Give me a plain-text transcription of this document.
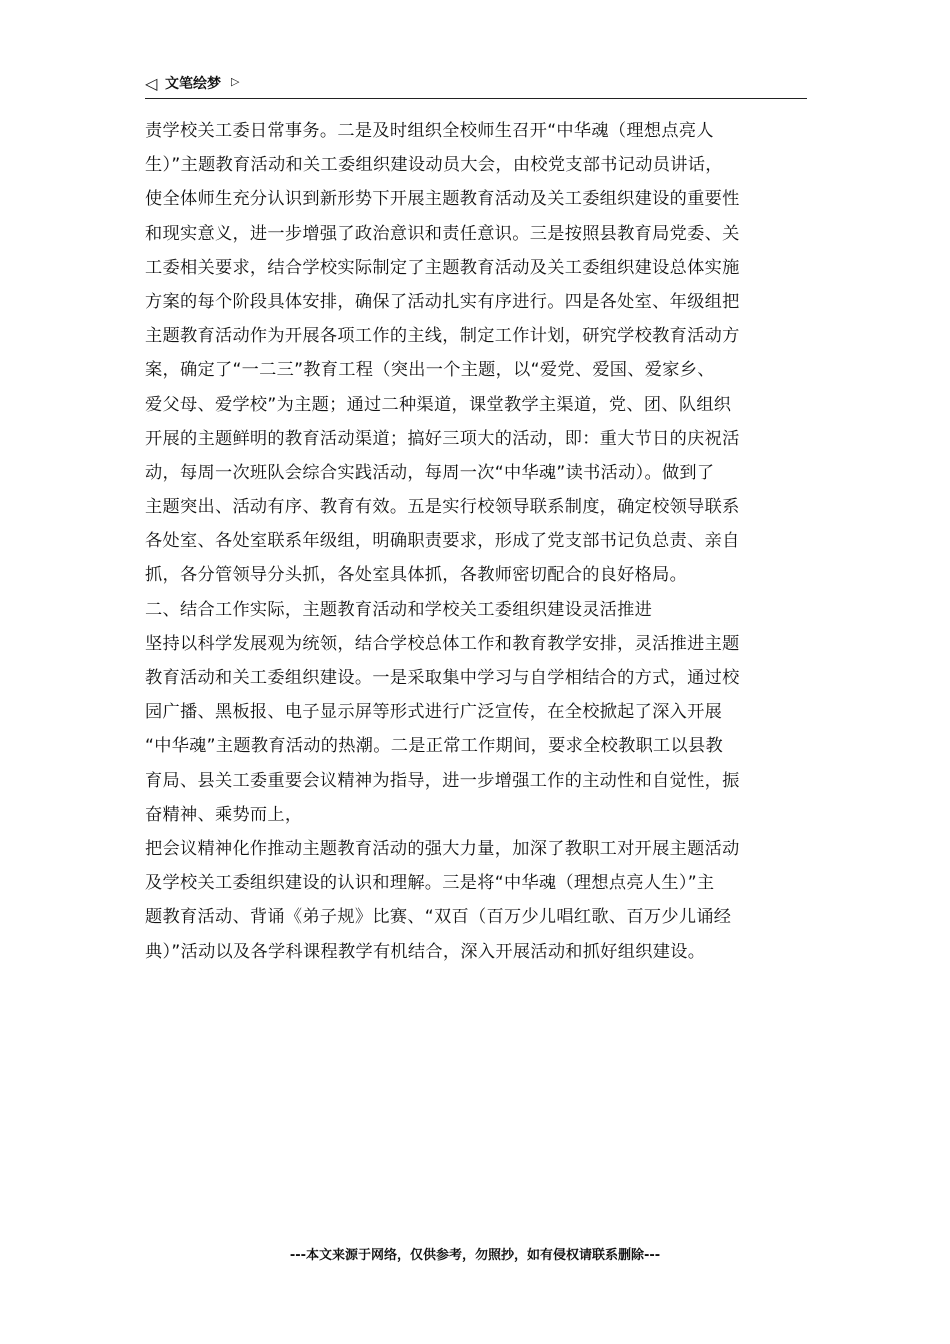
◁ 文笔绘梦 ▷
责学校关工委日常事务。二是及时组织全校师生召开“中华魂（理想点亮人
生）”主题教育活动和关工委组织建设动员大会，由校党支部书记动员讲话，
使全体师生充分认识到新形势下开展主题教育活动及关工委组织建设的重要性
和现实意义，进一步增强了政治意识和责任意识。三是按照县教育局党委、关
工委相关要求，结合学校实际制定了主题教育活动及关工委组织建设总体实施
方案的每个阶段具体安排，确保了活动扎实有序进行。四是各处室、年级组把
主题教育活动作为开展各项工作的主线，制定工作计划，研究学校教育活动方
案，确定了“一二三”教育工程（突出一个主题，以“爱党、爱国、爱家乡、
爱父母、爱学校”为主题；通过二种渠道，课堂教学主渠道，党、团、队组织
开展的主题鲜明的教育活动渠道；搞好三项大的活动，即：重大节日的庆祝活
动，每周一次班队会综合实践活动，每周一次“中华魂”读书活动）。做到了
主题突出、活动有序、教育有效。五是实行校领导联系制度，确定校领导联系
各处室、各处室联系年级组，明确职责要求，形成了党支部书记负总责、亲自
抓，各分管领导分头抓，各处室具体抓，各教师密切配合的良好格局。
二、结合工作实际，主题教育活动和学校关工委组织建设灵活推进
坚持以科学发展观为统领，结合学校总体工作和教育教学安排，灵活推进主题
教育活动和关工委组织建设。一是采取集中学习与自学相结合的方式，通过校
园广播、黑板报、电子显示屏等形式进行广泛宣传，在全校掀起了深入开展
“中华魂”主题教育活动的热潮。二是正常工作期间，要求全校教职工以县教
育局、县关工委重要会议精神为指导，进一步增强工作的主动性和自觉性，振
奋精神、乘势而上，
把会议精神化作推动主题教育活动的强大力量，加深了教职工对开展主题活动
及学校关工委组织建设的认识和理解。三是将“中华魂（理想点亮人生）”主
题教育活动、背诵《弟子规》比赛、“双百（百万少儿唱红歌、百万少儿诵经
典）”活动以及各学科课程教学有机结合，深入开展活动和抓好组织建设。
---本文来源于网络，仅供参考，勿照抄，如有侵权请联系删除---
